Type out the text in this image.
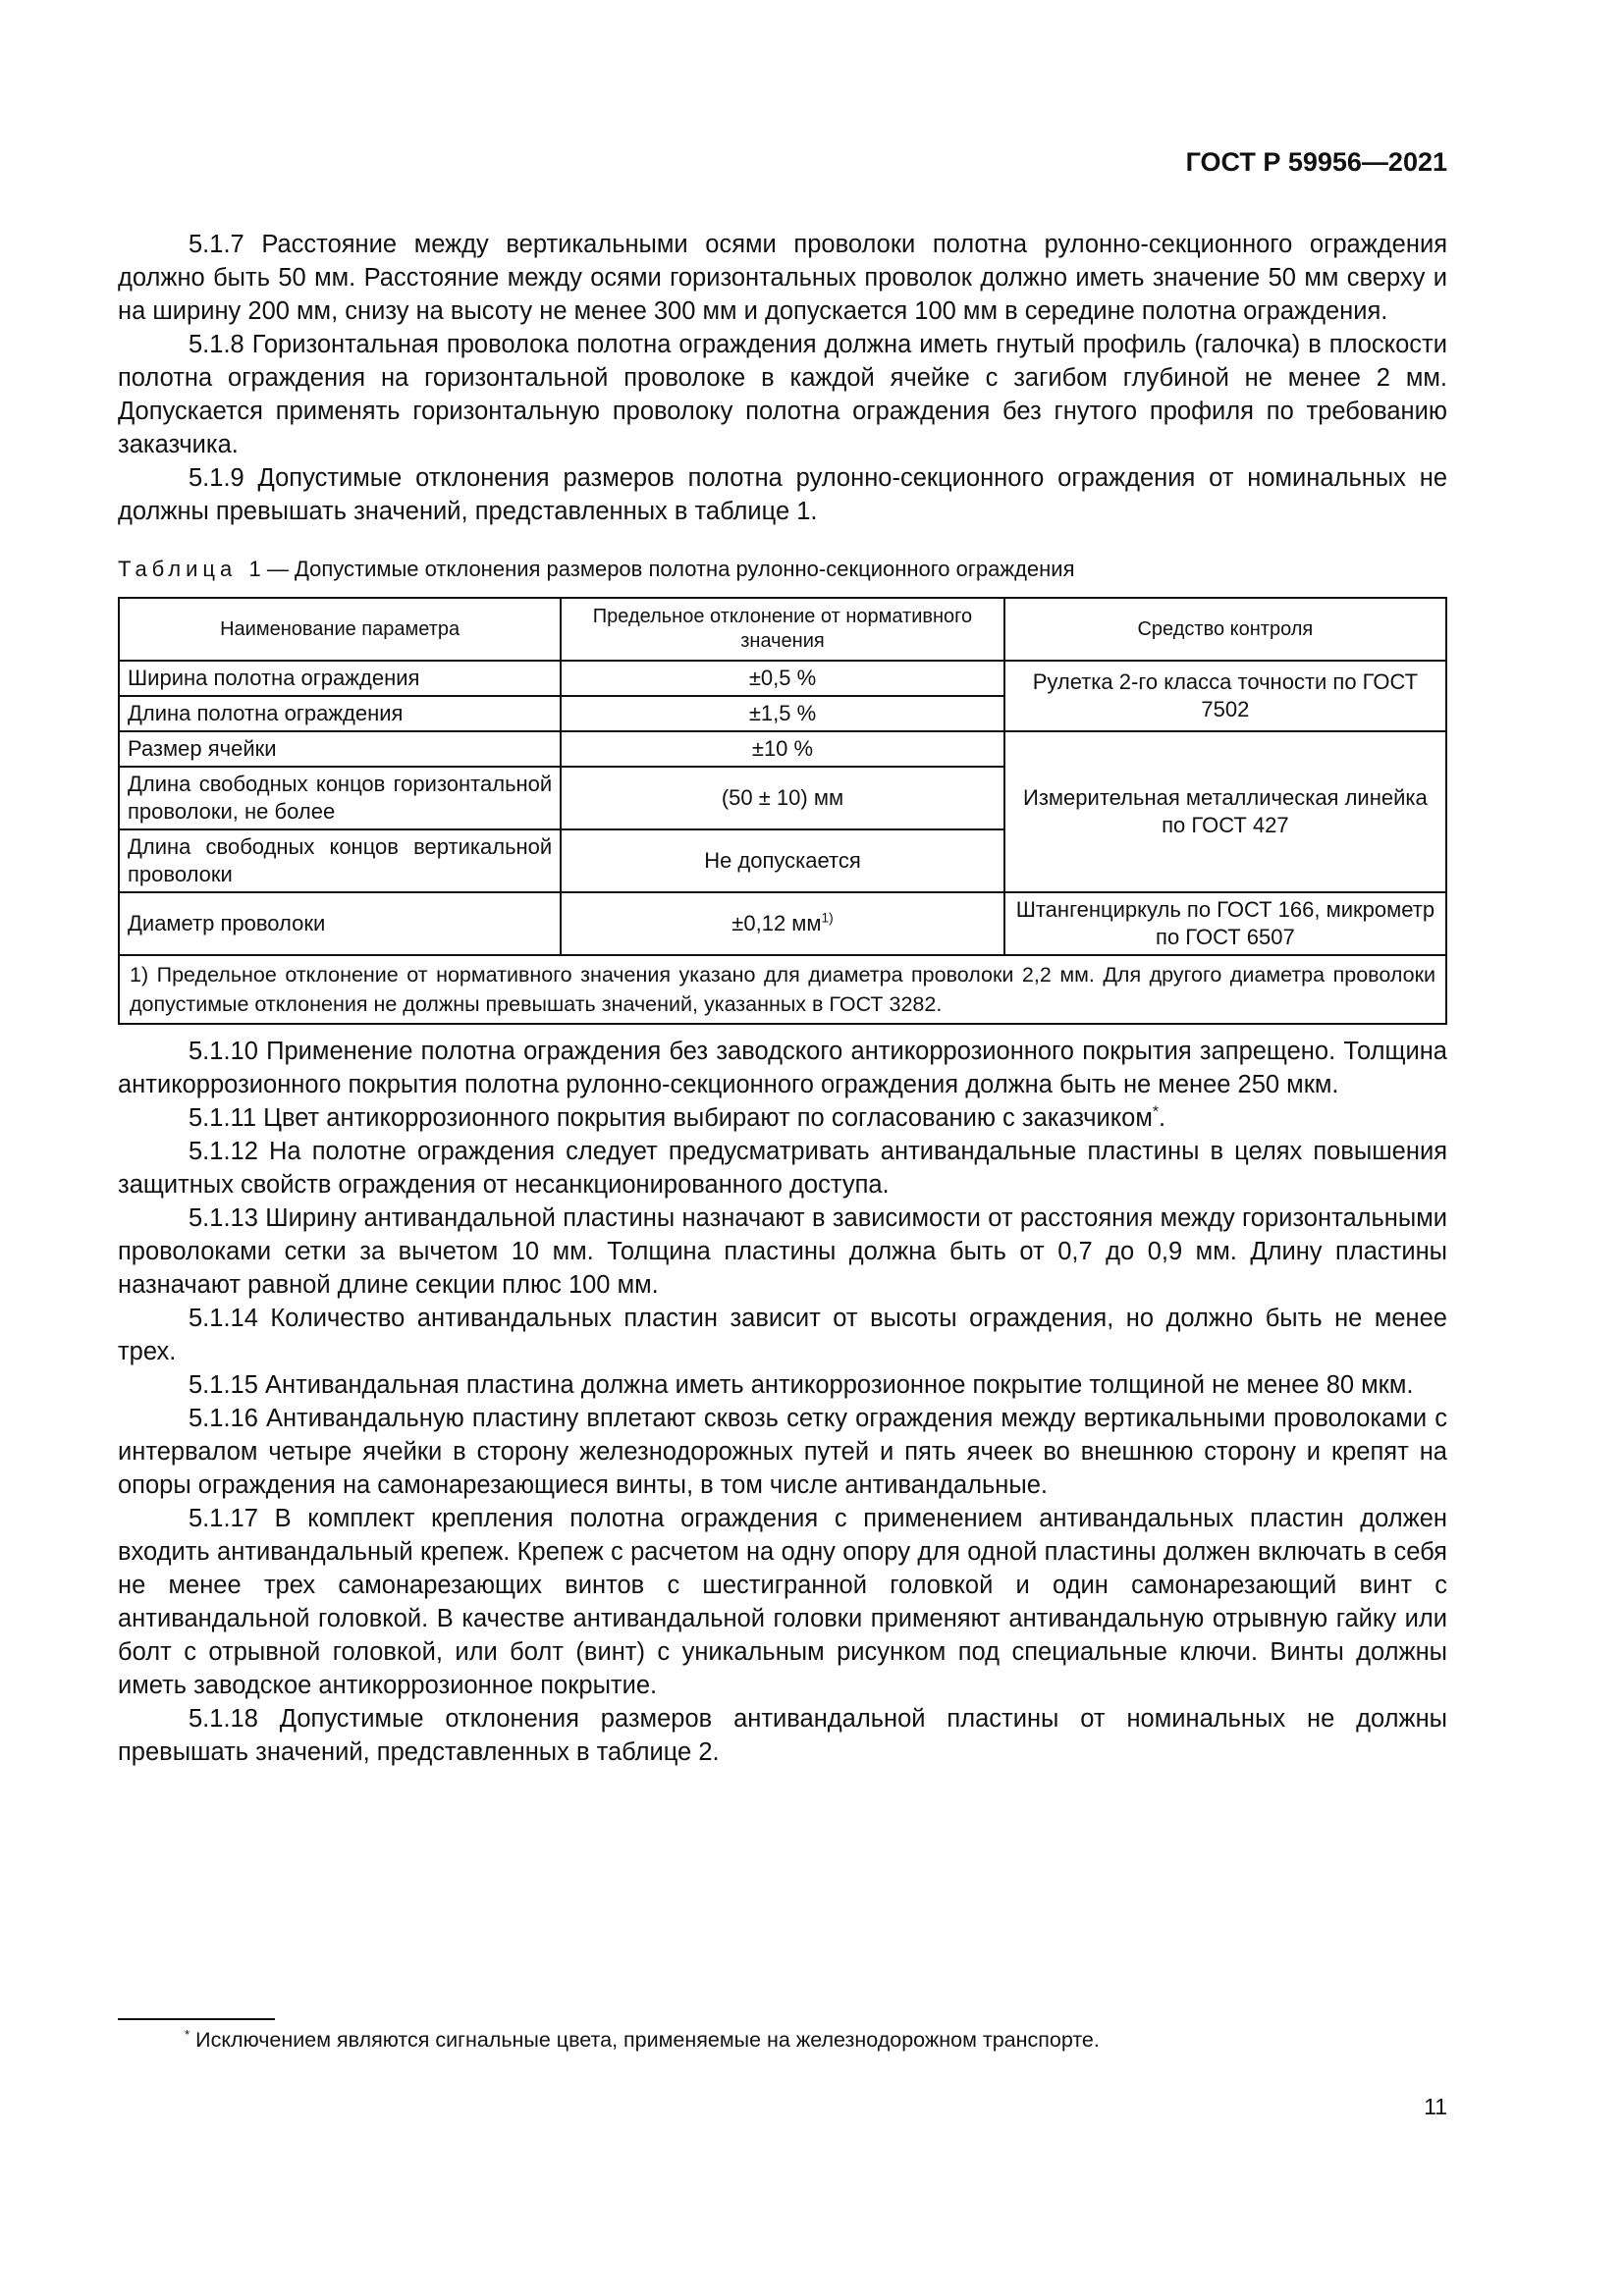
ГОСТ Р 59956—2021

5.1.7 Расстояние между вертикальными осями проволоки полотна рулонно-секционного ограждения должно быть 50 мм. Расстояние между осями горизонтальных проволок должно иметь значение 50 мм сверху и на ширину 200 мм, снизу на высоту не менее 300 мм и допускается 100 мм в середине полотна ограждения.

5.1.8 Горизонтальная проволока полотна ограждения должна иметь гнутый профиль (галочка) в плоскости полотна ограждения на горизонтальной проволоке в каждой ячейке с загибом глубиной не менее 2 мм. Допускается применять горизонтальную проволоку полотна ограждения без гнутого профиля по требованию заказчика.

5.1.9 Допустимые отклонения размеров полотна рулонно-секционного ограждения от номинальных не должны превышать значений, представленных в таблице 1.

Таблица 1 — Допустимые отклонения размеров полотна рулонно-секционного ограждения
Наименование параметра	Предельное отклонение от нормативного значения	Средство контроля
Ширина полотна ограждения	±0,5 %	Рулетка 2-го класса точности по ГОСТ 7502
Длина полотна ограждения	±1,5 %	
Размер ячейки	±10 %	Измерительная металлическая линейка по ГОСТ 427
Длина свободных концов горизонтальной проволоки, не более	(50 ± 10) мм	
Длина свободных концов вертикальной проволоки	Не допускается	
Диаметр проволоки	±0,12 $мм^{1)}$	Штангенциркуль по ГОСТ 166, микрометр по ГОСТ 6507
1) Предельное отклонение от нормативного значения указано для диаметра проволоки 2,2 мм. Для другого диаметра проволоки допустимые отклонения не должны превышать значений, указанных в ГОСТ 3282.		

5.1.10 Применение полотна ограждения без заводского антикоррозионного покрытия запрещено. Толщина антикоррозионного покрытия полотна рулонно-секционного ограждения должна быть не менее 250 мкм.

5.1.11 Цвет антикоррозионного покрытия выбирают по согласованию с заказчиком*.

5.1.12 На полотне ограждения следует предусматривать антивандальные пластины в целях повышения защитных свойств ограждения от несанкционированного доступа.

5.1.13 Ширину антивандальной пластины назначают в зависимости от расстояния между горизонтальными проволоками сетки за вычетом 10 мм. Толщина пластины должна быть от 0,7 до 0,9 мм. Длину пластины назначают равной длине секции плюс 100 мм.

5.1.14 Количество антивандальных пластин зависит от высоты ограждения, но должно быть не менее трех.

5.1.15 Антивандальная пластина должна иметь антикоррозионное покрытие толщиной не менее 80 мкм.

5.1.16 Антивандальную пластину вплетают сквозь сетку ограждения между вертикальными проволоками с интервалом четыре ячейки в сторону железнодорожных путей и пять ячеек во внешнюю сторону и крепят на опоры ограждения на самонарезающиеся винты, в том числе антивандальные.

5.1.17 В комплект крепления полотна ограждения с применением антивандальных пластин должен входить антивандальный крепеж. Крепеж с расчетом на одну опору для одной пластины должен включать в себя не менее трех самонарезающих винтов с шестигранной головкой и один самонарезающий винт с антивандальной головкой. В качестве антивандальной головки применяют антивандальную отрывную гайку или болт с отрывной головкой, или болт (винт) с уникальным рисунком под специальные ключи. Винты должны иметь заводское антикоррозионное покрытие.

5.1.18 Допустимые отклонения размеров антивандальной пластины от номинальных не должны превышать значений, представленных в таблице 2.

* Исключением являются сигнальные цвета, применяемые на железнодорожном транспорте.
11
